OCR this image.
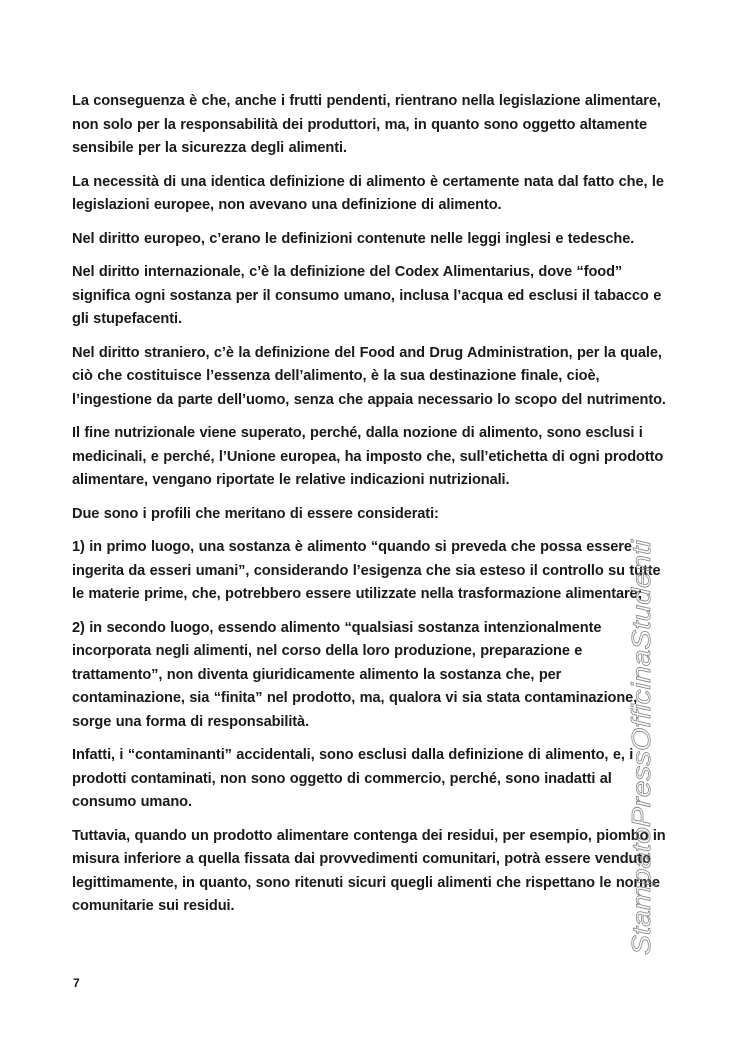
La conseguenza è che, anche i frutti pendenti, rientrano nella legislazione alimentare, non solo per la responsabilità dei produttori, ma, in quanto sono oggetto altamente sensibile per la sicurezza degli alimenti.

La necessità di una identica definizione di alimento è certamente nata dal fatto che, le legislazioni europee, non avevano una definizione di alimento.

Nel diritto europeo, c’erano le definizioni contenute nelle leggi inglesi e tedesche.

Nel diritto internazionale, c’è la definizione del Codex Alimentarius, dove “food” significa ogni sostanza per il consumo umano, inclusa l’acqua ed esclusi il tabacco e gli stupefacenti.

Nel diritto straniero, c’è la definizione del Food and Drug Administration, per la quale, ciò che costituisce l’essenza dell’alimento, è la sua destinazione finale, cioè, l’ingestione da parte dell’uomo, senza che appaia necessario lo scopo del nutrimento.

Il fine nutrizionale viene superato, perché, dalla nozione di alimento, sono esclusi i medicinali, e perché, l’Unione europea, ha imposto che, sull’etichetta di ogni prodotto alimentare, vengano riportate le relative indicazioni nutrizionali.

Due sono i profili che meritano di essere considerati:

1) in primo luogo, una sostanza è alimento “quando si preveda che possa essere ingerita da esseri umani”, considerando l’esigenza che sia esteso il controllo su tutte le materie prime, che, potrebbero essere utilizzate nella trasformazione alimentare;

2) in secondo luogo, essendo alimento “qualsiasi sostanza intenzionalmente incorporata negli alimenti, nel corso della loro produzione, preparazione e trattamento”, non diventa giuridicamente alimento la sostanza che, per contaminazione, sia “finita” nel prodotto, ma, qualora vi sia stata contaminazione, sorge una forma di responsabilità.

Infatti, i “contaminanti” accidentali, sono esclusi dalla definizione di alimento, e, i prodotti contaminati, non sono oggetto di commercio, perché, sono inadatti al consumo umano.

Tuttavia, quando un prodotto alimentare contenga dei residui, per esempio, piombo in misura inferiore a quella fissata dai provvedimenti comunitari, potrà essere venduto legittimamente, in quanto, sono ritenuti sicuri quegli alimenti che rispettano le norme comunitarie sui residui.

7
StampatoPressOfficinaStudenti
